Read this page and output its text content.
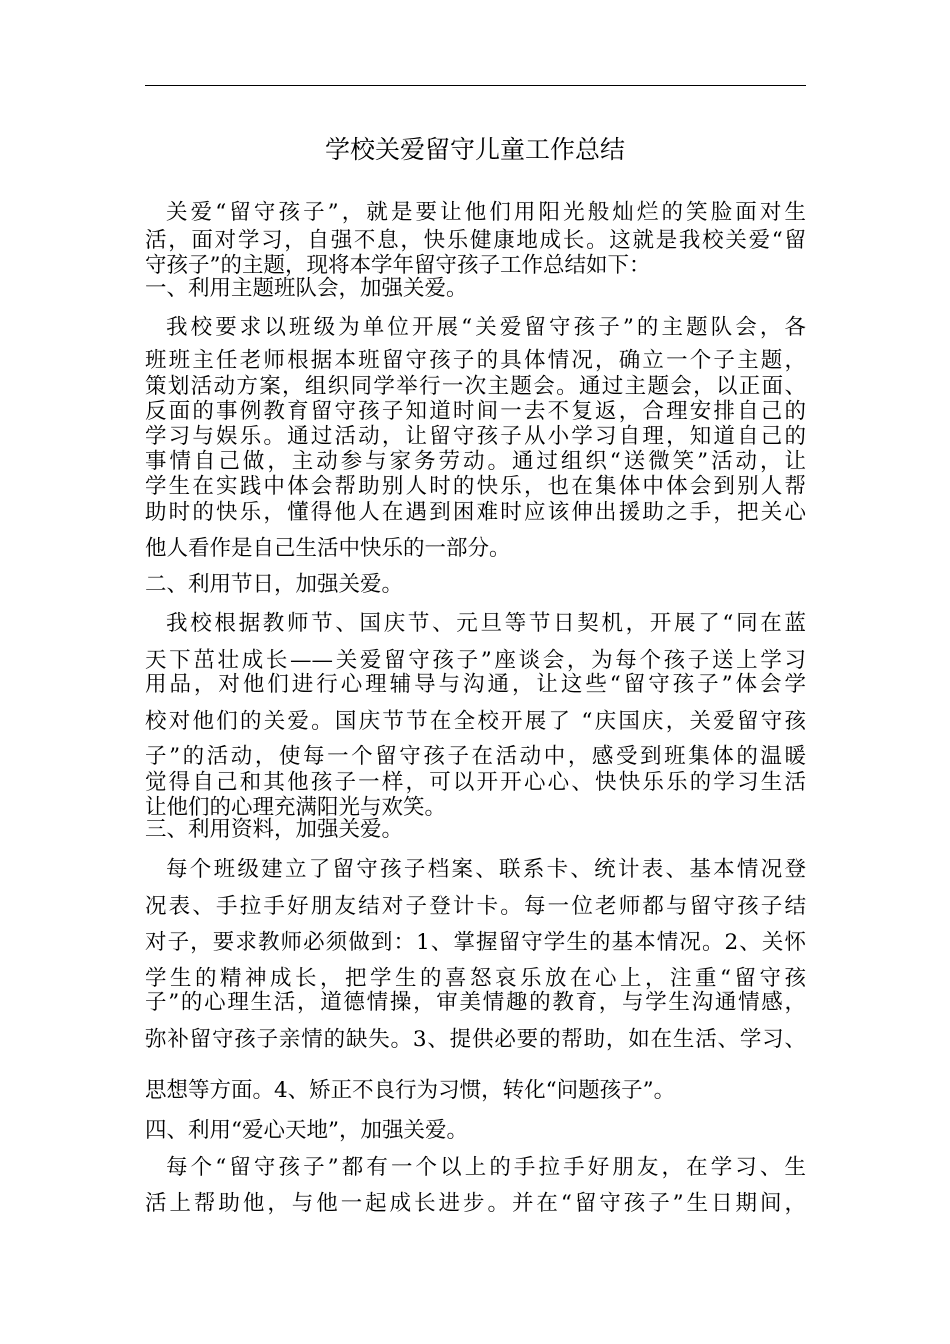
学校关爱留守儿童工作总结
关爱“留守孩子”，就是要让他们用阳光般灿烂的笑脸面对生
活，面对学习，自强不息，快乐健康地成长。这就是我校关爱“留
守孩子”的主题，现将本学年留守孩子工作总结如下：
一、利用主题班队会，加强关爱。
我校要求以班级为单位开展“关爱留守孩子”的主题队会，各
班班主任老师根据本班留守孩子的具体情况，确立一个子主题，
策划活动方案，组织同学举行一次主题会。通过主题会，以正面、
反面的事例教育留守孩子知道时间一去不复返，合理安排自己的
学习与娱乐。通过活动，让留守孩子从小学习自理，知道自己的
事情自己做，主动参与家务劳动。通过组织“送微笑”活动，让
学生在实践中体会帮助别人时的快乐，也在集体中体会到别人帮
助时的快乐，懂得他人在遇到困难时应该伸出援助之手，把关心
他人看作是自己生活中快乐的一部分。
二、利用节日，加强关爱。
我校根据教师节、国庆节、元旦等节日契机，开展了“同在蓝
天下茁壮成长——关爱留守孩子”座谈会，为每个孩子送上学习
用品，对他们进行心理辅导与沟通，让这些“留守孩子”体会学
校对他们的关爱。国庆节节在全校开展了 “庆国庆，关爱留守孩
子”的活动，使每一个留守孩子在活动中，感受到班集体的温暖
觉得自己和其他孩子一样，可以开开心心、快快乐乐的学习生活
让他们的心理充满阳光与欢笑。
三、利用资料，加强关爱。
每个班级建立了留守孩子档案、联系卡、统计表、基本情况登
况表、手拉手好朋友结对子登计卡。每一位老师都与留守孩子结
对子，要求教师必须做到：1、掌握留守学生的基本情况。2、关怀
学生的精神成长，把学生的喜怒哀乐放在心上，注重“留守孩
子”的心理生活，道德情操，审美情趣的教育，与学生沟通情感，
弥补留守孩子亲情的缺失。3、提供必要的帮助，如在生活、学习、
思想等方面。4、矫正不良行为习惯，转化“问题孩子”。
四、利用“爱心天地”，加强关爱。
每个“留守孩子”都有一个以上的手拉手好朋友，在学习、生
活上帮助他，与他一起成长进步。并在“留守孩子”生日期间，
